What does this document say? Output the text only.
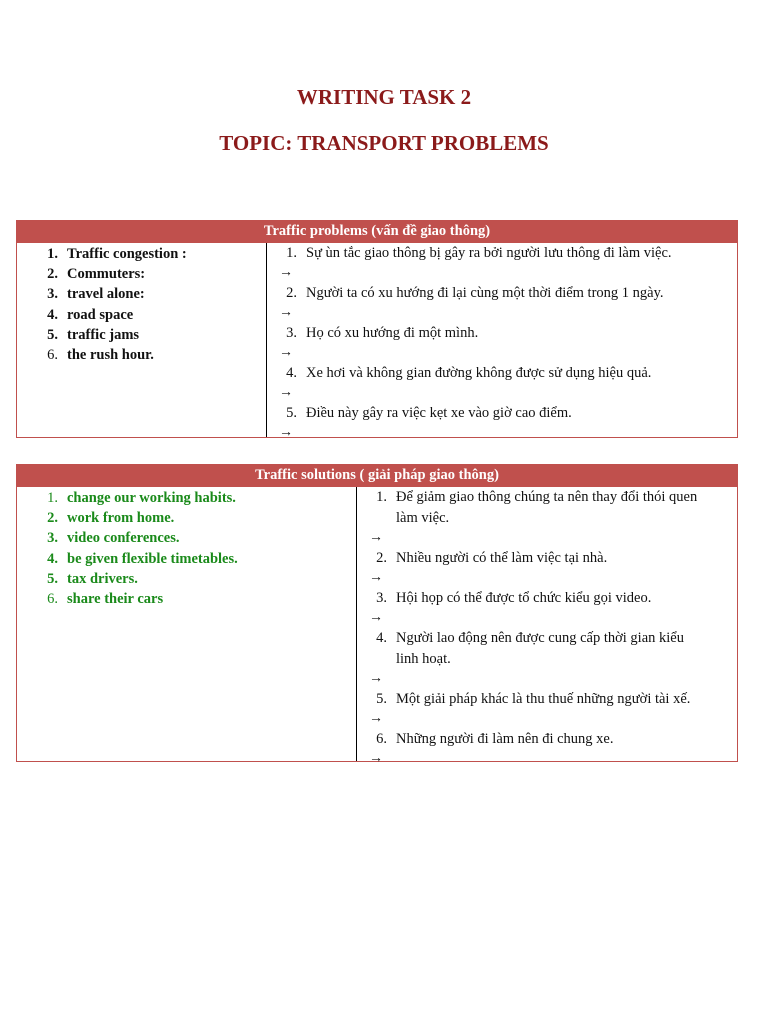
WRITING TASK 2
TOPIC: TRANSPORT PROBLEMS
Traffic problems (vấn đề giao thông)
1. Traffic congestion :
2. Commuters:
3. travel alone:
4. road space
5. traffic jams
6. the rush hour.
1. Sự ùn tắc giao thông bị gây ra bởi người lưu thông đi làm việc.
→
2. Người ta có xu hướng đi lại cùng một thời điểm trong 1 ngày.
→
3. Họ có xu hướng đi một mình.
→
4. Xe hơi và không gian đường không được sử dụng hiệu quả.
→
5. Điều này gây ra việc kẹt xe vào giờ cao điểm.
→
Traffic solutions ( giải pháp giao thông)
1. change our working habits.
2. work from home.
3. video conferences.
4. be given flexible timetables.
5. tax drivers.
6. share their cars
1. Để giảm giao thông chúng ta nên thay đổi thói quen
làm việc.
→
2. Nhiều người có thể làm việc tại nhà.
→
3. Hội họp có thể được tổ chức kiểu gọi video.
→
4. Người lao động nên được cung cấp thời gian kiểu
linh hoạt.
→
5. Một giải pháp khác là thu thuế những người tài xế.
→
6. Những người đi làm nên đi chung xe.
→
